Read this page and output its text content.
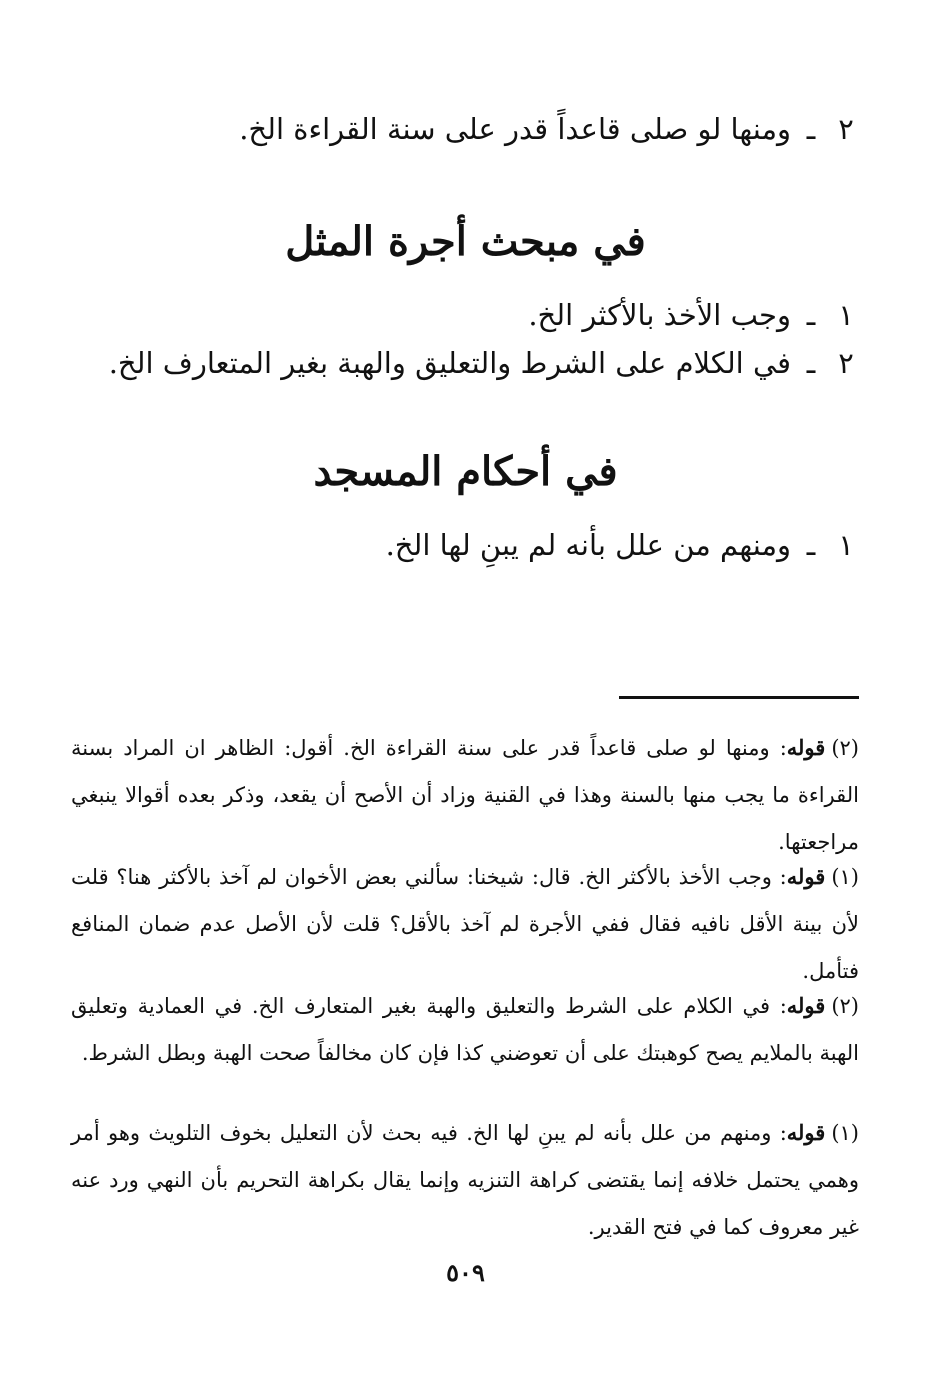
٢
ـ
ومنها لو صلى قاعداً قدر على سنة القراءة الخ.
في مبحث أجرة المثل
١
ـ
وجب الأخذ بالأكثر الخ.
٢
ـ
في الكلام على الشرط والتعليق والهبة بغير المتعارف الخ.
في أحكام المسجد
١
ـ
ومنهم من علل بأنه لم يبنِ لها الخ.
(٢)قوله: ومنها لو صلى قاعداً قدر على سنة القراءة الخ. أقول: الظاهر ان المراد بسنة القراءة ما يجب منها بالسنة وهذا في القنية وزاد أن الأصح أن يقعد، وذكر بعده أقوالا ينبغي مراجعتها.
(١)قوله: وجب الأخذ بالأكثر الخ. قال: شيخنا: سألني بعض الأخوان لم آخذ بالأكثر هنا؟ قلت لأن بينة الأقل نافيه فقال ففي الأجرة لم آخذ بالأقل؟ قلت لأن الأصل عدم ضمان المنافع فتأمل.
(٢)قوله: في الكلام على الشرط والتعليق والهبة بغير المتعارف الخ. في العمادية وتعليق الهبة بالملايم يصح كوهبتك على أن تعوضني كذا فإن كان مخالفاً صحت الهبة وبطل الشرط.
(١)قوله: ومنهم من علل بأنه لم يبنِ لها الخ. فيه بحث لأن التعليل بخوف التلويث وهو أمر وهمي يحتمل خلافه إنما يقتضى كراهة التنزيه وإنما يقال بكراهة التحريم بأن النهي ورد عنه غير معروف كما في فتح القدير.
٥٠٩
